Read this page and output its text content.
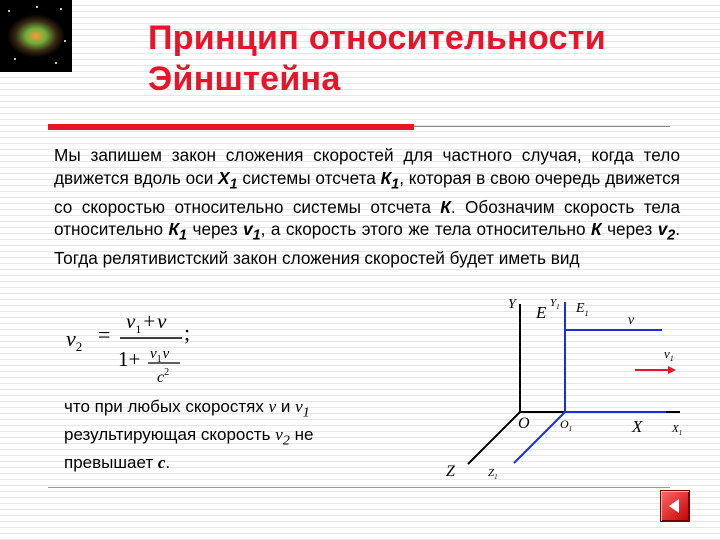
Принцип относительности
Эйнштейна
Мы запишем закон сложения скоростей для частного случая, когда тело движется вдоль оси $Х_1$ системы отсчета $К_1$, которая в свою очередь движется со скоростью относительно системы отсчета К. Обозначим скорость тела относительно $К_1$ через $v_1$, а скорость этого же тела относительно К через $v_2$. Тогда релятивистский закон сложения скоростей будет иметь вид
$v_2$ =
$v_1+v$
$1+ v_1v$
$c^2$
;
что при любых скоростях v и $v_1$ результирующая скорость $v_2$ не превышает с.
Y	$Y_1$
E $E_1$	v
$v_1$
O	$O_1$	X	$X_1$
Z	$Z_1$
